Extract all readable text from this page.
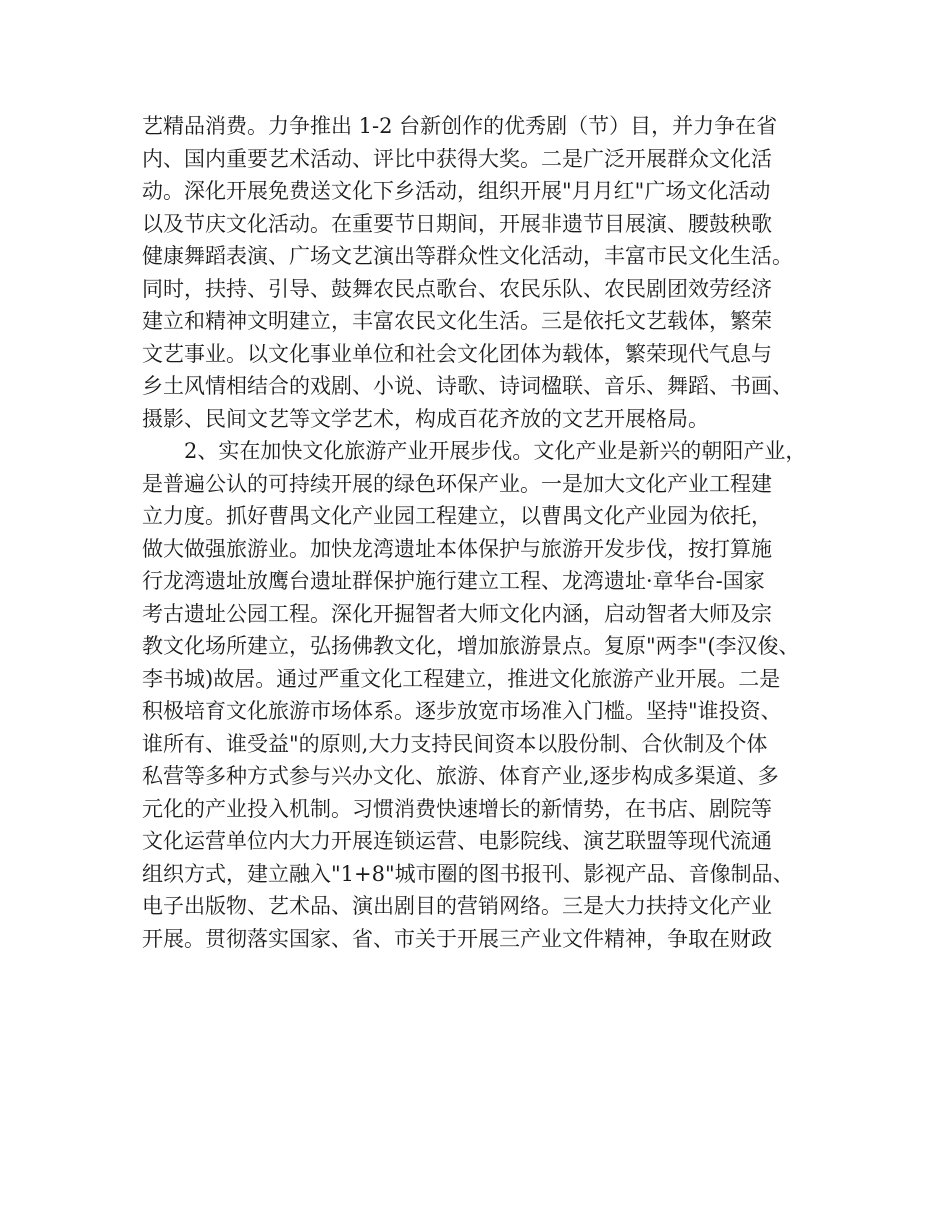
艺精品消费。力争推出 1-2 台新创作的优秀剧（节）目，并力争在省
内、国内重要艺术活动、评比中获得大奖。二是广泛开展群众文化活
动。深化开展免费送文化下乡活动，组织开展"月月红"广场文化活动
以及节庆文化活动。在重要节日期间，开展非遗节目展演、腰鼓秧歌
健康舞蹈表演、广场文艺演出等群众性文化活动，丰富市民文化生活。
同时，扶持、引导、鼓舞农民点歌台、农民乐队、农民剧团效劳经济
建立和精神文明建立，丰富农民文化生活。三是依托文艺载体，繁荣
文艺事业。以文化事业单位和社会文化团体为载体，繁荣现代气息与
乡土风情相结合的戏剧、小说、诗歌、诗词楹联、音乐、舞蹈、书画、
摄影、民间文艺等文学艺术，构成百花齐放的文艺开展格局。
　　2、实在加快文化旅游产业开展步伐。文化产业是新兴的朝阳产业，
是普遍公认的可持续开展的绿色环保产业。一是加大文化产业工程建
立力度。抓好曹禺文化产业园工程建立，以曹禺文化产业园为依托，
做大做强旅游业。加快龙湾遗址本体保护与旅游开发步伐，按打算施
行龙湾遗址放鹰台遗址群保护施行建立工程、龙湾遗址·章华台-国家
考古遗址公园工程。深化开掘智者大师文化内涵，启动智者大师及宗
教文化场所建立，弘扬佛教文化，增加旅游景点。复原"两李"(李汉俊、
李书城)故居。通过严重文化工程建立，推进文化旅游产业开展。二是
积极培育文化旅游市场体系。逐步放宽市场准入门槛。坚持"谁投资、
谁所有、谁受益"的原则,大力支持民间资本以股份制、合伙制及个体
私营等多种方式参与兴办文化、旅游、体育产业,逐步构成多渠道、多
元化的产业投入机制。习惯消费快速增长的新情势，在书店、剧院等
文化运营单位内大力开展连锁运营、电影院线、演艺联盟等现代流通
组织方式，建立融入"1+8"城市圈的图书报刊、影视产品、音像制品、
电子出版物、艺术品、演出剧目的营销网络。三是大力扶持文化产业
开展。贯彻落实国家、省、市关于开展三产业文件精神，争取在财政
